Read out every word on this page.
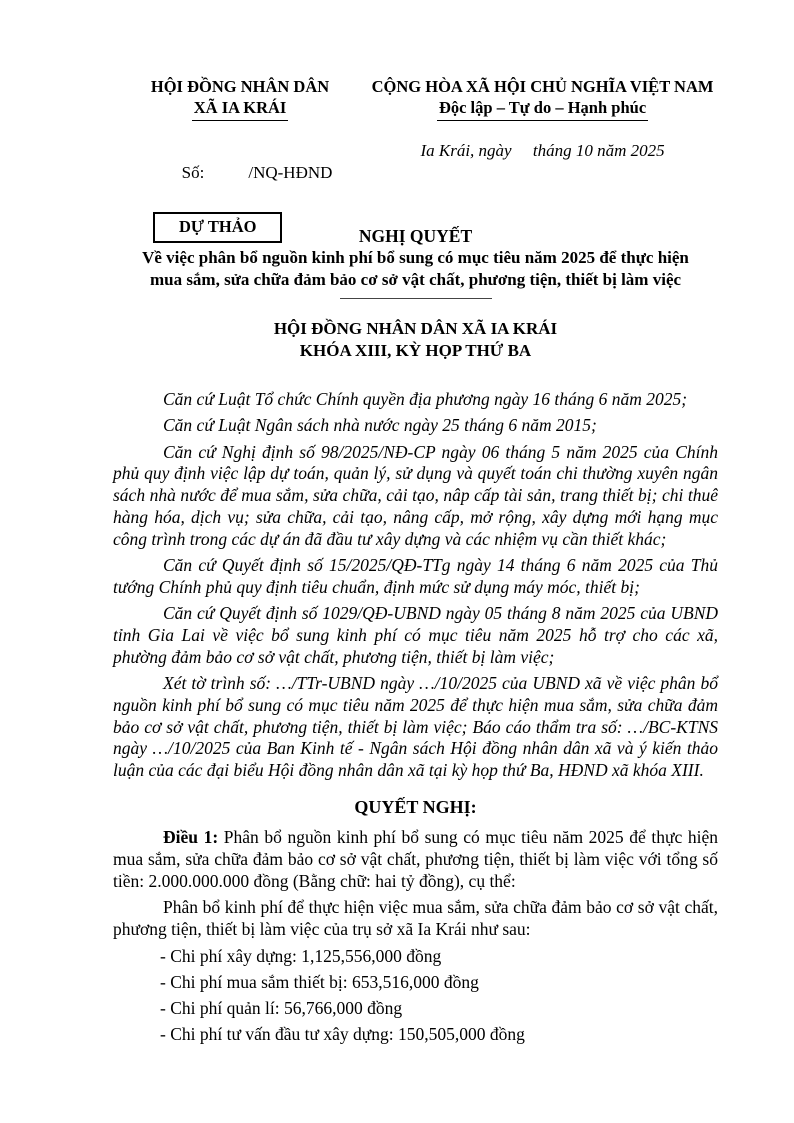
HỘI ĐỒNG NHÂN DÂN
XÃ IA KRÁI

Số:	/NQ-HĐND

CỘNG HÒA XÃ HỘI CHỦ NGHĨA VIỆT NAM
Độc lập – Tự do – Hạnh phúc
Ia Krái, ngày     tháng 10 năm 2025
DỰ THẢO	NGHỊ QUYẾT
Về việc phân bổ nguồn kinh phí bổ sung có mục tiêu năm 2025 để thực hiện
mua sắm, sửa chữa đảm bảo cơ sở vật chất, phương tiện, thiết bị làm việc
HỘI ĐỒNG NHÂN DÂN XÃ IA KRÁI
KHÓA XIII, KỲ HỌP THỨ BA

Căn cứ Luật Tổ chức Chính quyền địa phương ngày 16 tháng 6 năm 2025;

Căn cứ Luật Ngân sách nhà nước ngày 25 tháng 6 năm 2015;

Căn cứ Nghị định số 98/2025/NĐ-CP ngày 06 tháng 5 năm 2025 của Chính phủ quy định việc lập dự toán, quản lý, sử dụng và quyết toán chi thường xuyên ngân sách nhà nước để mua sắm, sửa chữa, cải tạo, nâp cấp tài sản, trang thiết bị; chi thuê hàng hóa, dịch vụ; sửa chữa, cải tạo, nâng cấp, mở rộng, xây dựng mới hạng mục công trình trong các dự án đã đầu tư xây dựng và các nhiệm vụ cần thiết khác;

Căn cứ Quyết định số 15/2025/QĐ-TTg ngày 14 tháng 6 năm 2025 của Thủ tướng Chính phủ quy định tiêu chuẩn, định mức sử dụng máy móc, thiết bị;

Căn cứ Quyết định số 1029/QĐ-UBND ngày 05 tháng 8 năm 2025 của UBND tỉnh Gia Lai về việc bổ sung kinh phí có mục tiêu năm 2025 hỗ trợ cho các xã, phường đảm bảo cơ sở vật chất, phương tiện, thiết bị làm việc;

Xét tờ trình số: …/TTr-UBND ngày …/10/2025 của UBND xã về việc phân bổ nguồn kinh phí bổ sung có mục tiêu năm 2025 để thực hiện mua sắm, sửa chữa đảm bảo cơ sở vật chất, phương tiện, thiết bị làm việc; Báo cáo thẩm tra số: …/BC-KTNS ngày …/10/2025 của Ban Kinh tế - Ngân sách Hội đồng nhân dân xã và ý kiến thảo luận của các đại biểu Hội đồng nhân dân xã tại kỳ họp thứ Ba, HĐND xã khóa XIII.

QUYẾT NGHỊ:

Điều 1: Phân bổ nguồn kinh phí bổ sung có mục tiêu năm 2025 để thực hiện mua sắm, sửa chữa đảm bảo cơ sở vật chất, phương tiện, thiết bị làm việc với tổng số tiền: 2.000.000.000 đồng (Bằng chữ: hai tỷ đồng), cụ thể:

Phân bổ kinh phí để thực hiện việc mua sắm, sửa chữa đảm bảo cơ sở vật chất, phương tiện, thiết bị làm việc của trụ sở xã Ia Krái như sau:

- Chi phí xây dựng: 1,125,556,000 đồng
- Chi phí mua sắm thiết bị: 653,516,000 đồng
- Chi phí quản lí: 56,766,000 đồng
- Chi phí tư vấn đầu tư xây dựng: 150,505,000 đồng
